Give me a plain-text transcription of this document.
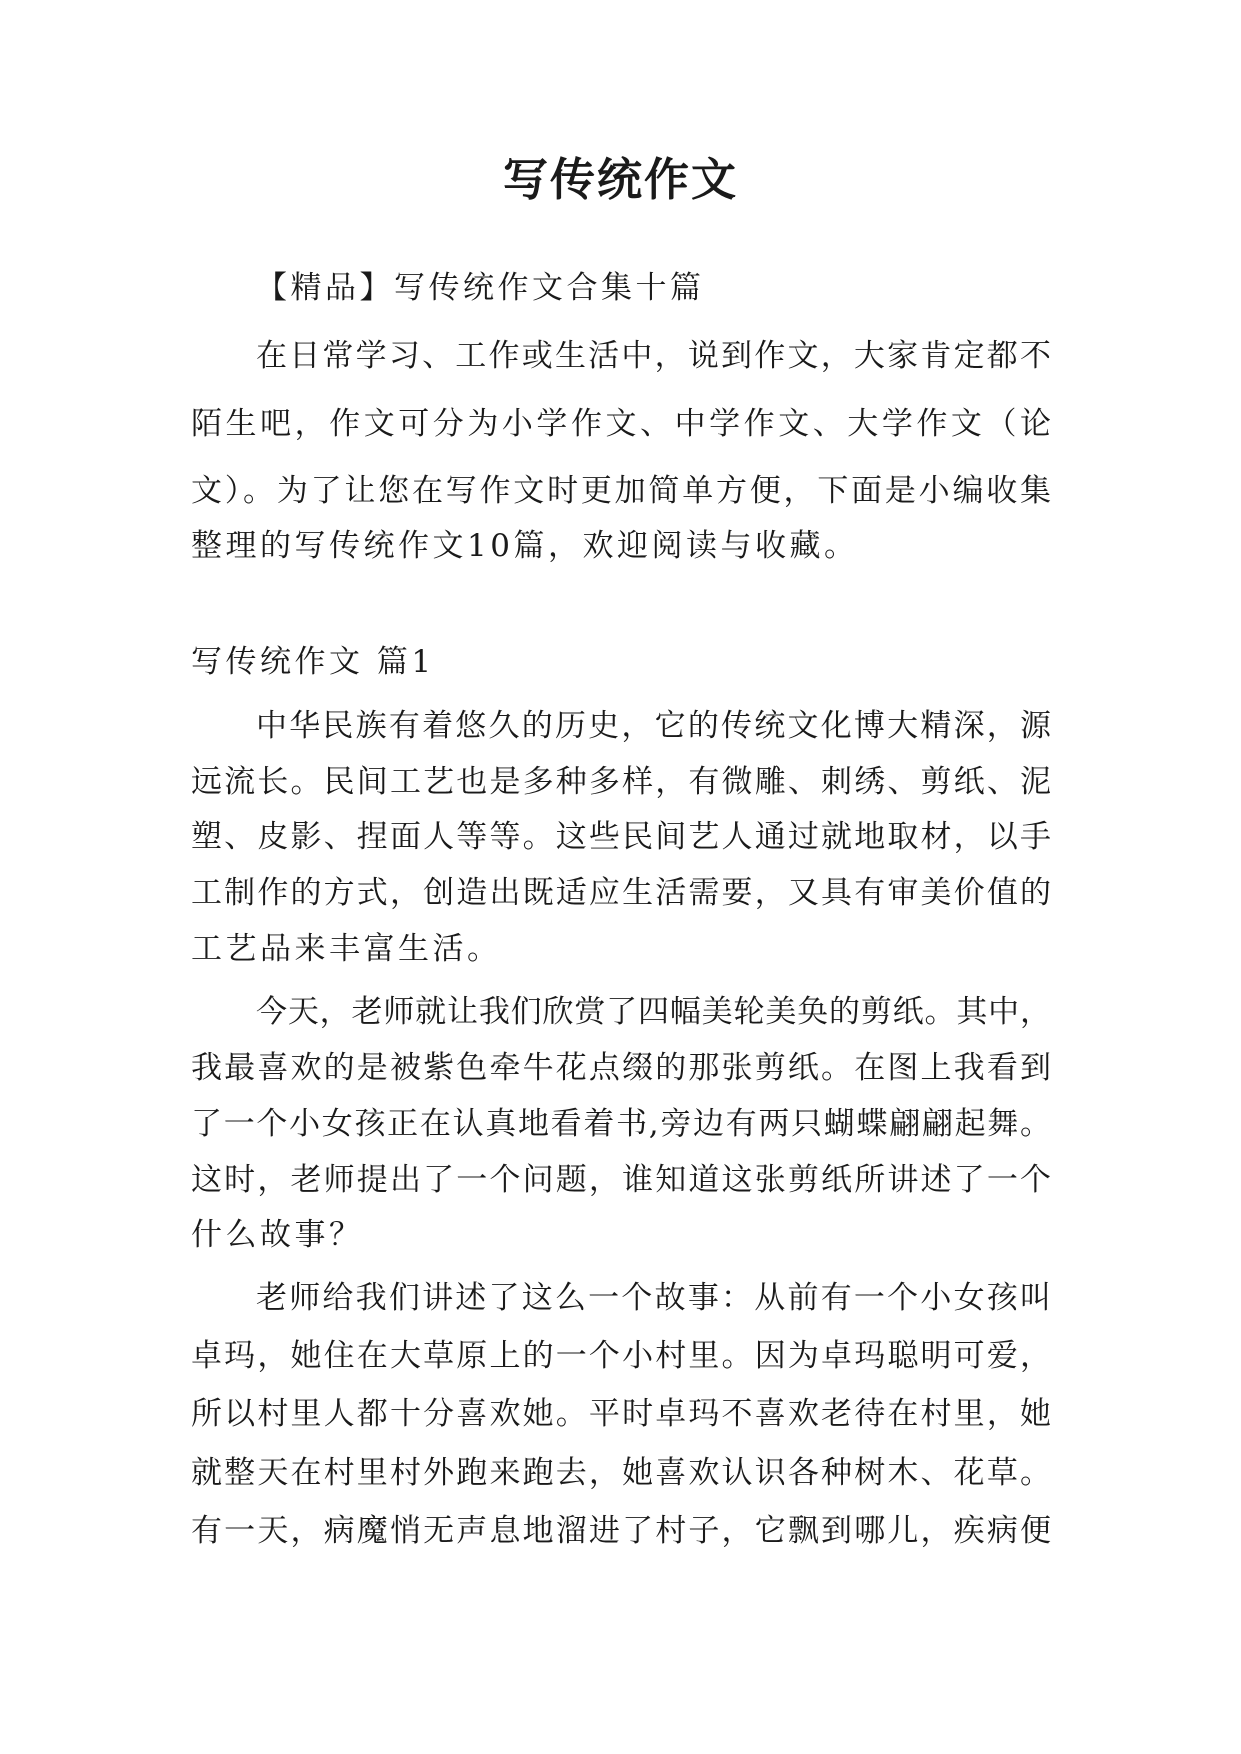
写传统作文
【精品】写传统作文合集十篇
在日常学习、工作或生活中，说到作文，大家肯定都不
陌生吧，作文可分为小学作文、中学作文、大学作文（论
文）。为了让您在写作文时更加简单方便，下面是小编收集
整理的写传统作文10篇，欢迎阅读与收藏。
写传统作文 篇1
中华民族有着悠久的历史，它的传统文化博大精深，源
远流长。民间工艺也是多种多样，有微雕、刺绣、剪纸、泥
塑、皮影、捏面人等等。这些民间艺人通过就地取材，以手
工制作的方式，创造出既适应生活需要，又具有审美价值的
工艺品来丰富生活。
今天，老师就让我们欣赏了四幅美轮美奂的剪纸。其中，
我最喜欢的是被紫色牵牛花点缀的那张剪纸。在图上我看到
了一个小女孩正在认真地看着书,旁边有两只蝴蝶翩翩起舞。
这时，老师提出了一个问题，谁知道这张剪纸所讲述了一个
什么故事？
老师给我们讲述了这么一个故事：从前有一个小女孩叫
卓玛，她住在大草原上的一个小村里。因为卓玛聪明可爱，
所以村里人都十分喜欢她。平时卓玛不喜欢老待在村里，她
就整天在村里村外跑来跑去，她喜欢认识各种树木、花草。
有一天，病魔悄无声息地溜进了村子，它飘到哪儿，疾病便
